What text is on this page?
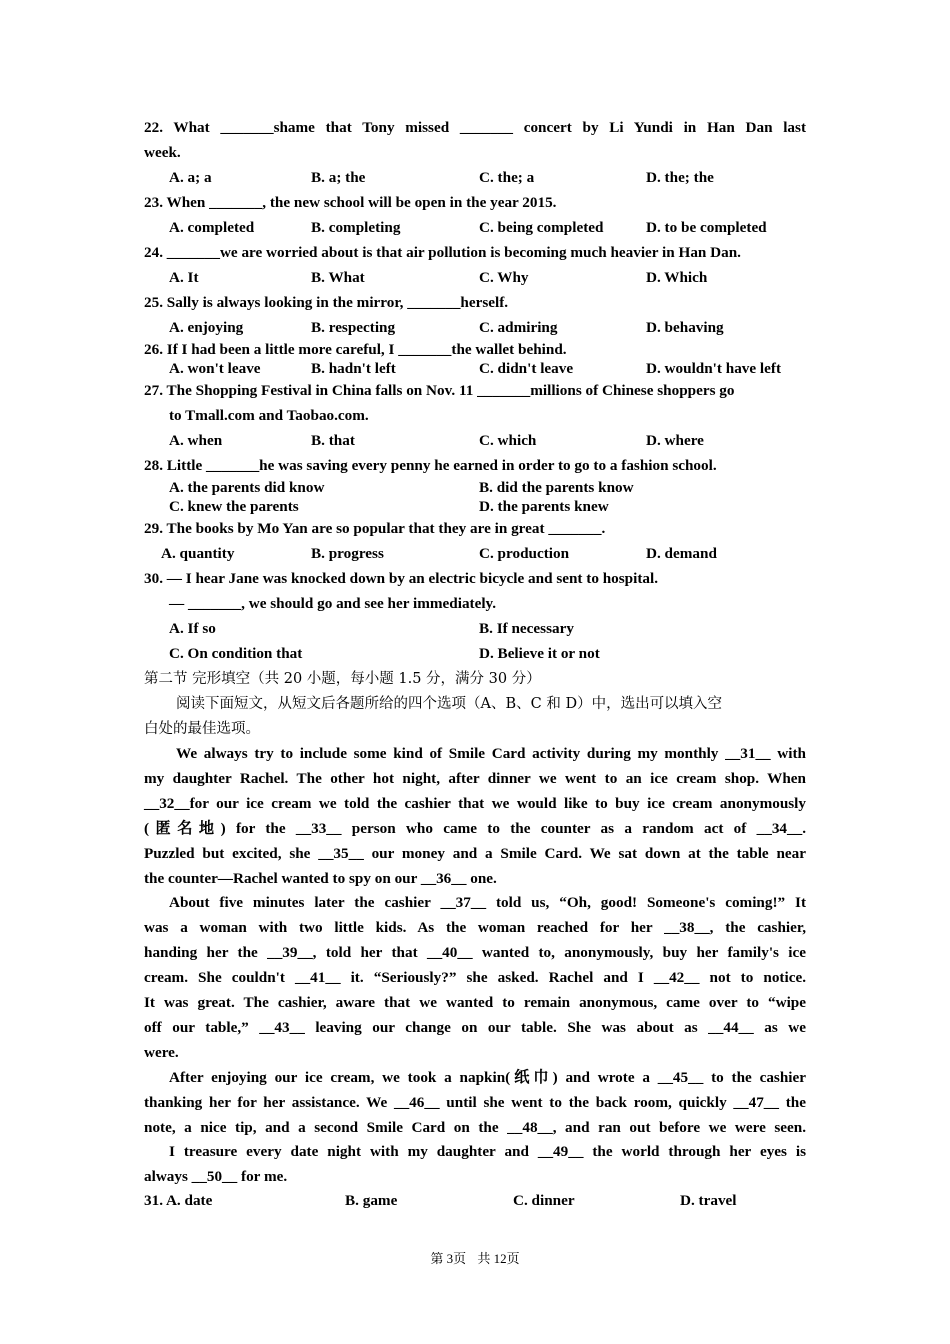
22. What _______shame that Tony missed _______ concert by Li Yundi in Han Dan last
week.
A. a; a	B. a; the	C. the; a	D. the; the
23. When _______, the new school will be open in the year 2015.
A. completed	B. completing	C. being completed	D. to be completed
24. _______we are worried about is that air pollution is becoming much heavier in Han Dan.
A. It	B. What	C. Why	D. Which
25. Sally is always looking in the mirror, _______herself.
A. enjoying	B. respecting	C. admiring	D. behaving
26. If I had been a little more careful, I _______the wallet behind.
A. won't leave	B. hadn't left	C. didn't leave	D. wouldn't have left
27. The Shopping Festival in China falls on Nov. 11 _______millions of Chinese shoppers go
to Tmall.com and Taobao.com.
A. when	B. that	C. which	D. where
28. Little _______he was saving every penny he earned in order to go to a fashion school.
A. the parents did know	B. did the parents know
C. knew the parents	D. the parents knew
29. The books by Mo Yan are so popular that they are in great _______.
A. quantity	B. progress	C. production	D. demand
30. — I hear Jane was knocked down by an electric bicycle and sent to hospital.
— _______, we should go and see her immediately.
A. If so	B. If necessary
C. On condition that	D. Believe it or not
第二节 完形填空（共 20 小题，每小题 1.5 分，满分 30 分）
阅读下面短文，从短文后各题所给的四个选项（A、B、C 和 D）中，选出可以填入空
白处的最佳选项。
We always try to include some kind of Smile Card activity during my monthly __31__ with
my daughter Rachel. The other hot night, after dinner we went to an ice cream shop. When
__32__for our ice cream we told the cashier that we would like to buy ice cream anonymously
(匿名地) for the __33__ person who came to the counter as a random act of __34__.
Puzzled but excited, she __35__ our money and a Smile Card. We sat down at the table near
the counter—Rachel wanted to spy on our __36__ one.
About five minutes later the cashier __37__ told us, “Oh, good! Someone's coming!” It
was a woman with two little kids. As the woman reached for her __38__, the cashier,
handing her the __39__, told her that __40__ wanted to, anonymously, buy her family's ice
cream. She couldn't __41__ it. “Seriously?” she asked. Rachel and I __42__ not to notice.
It was great. The cashier, aware that we wanted to remain anonymous, came over to “wipe
off our table,” __43__ leaving our change on our table. She was about as __44__ as we
were.
After enjoying our ice cream, we took a napkin(纸巾) and wrote a __45__ to the cashier
thanking her for her assistance. We __46__ until she went to the back room, quickly __47__ the
note, a nice tip, and a second Smile Card on the __48__, and ran out before we were seen.
I treasure every date night with my daughter and __49__ the world through her eyes is
always __50__ for me.
31. A. date	B. game	C. dinner	D. travel
第 3页 共 12页
